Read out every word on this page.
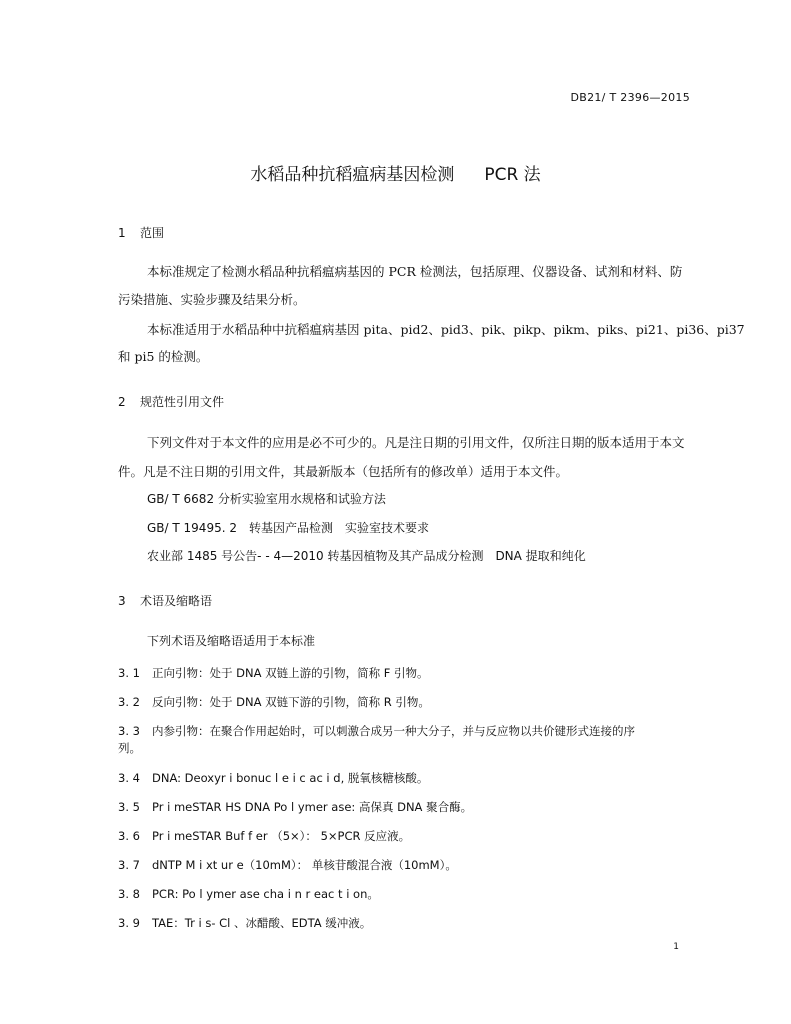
DB21/ T 2396—2015
水稻品种抗稻瘟病基因检测 PCR 法
1 范围
本标准规定了检测水稻品种抗稻瘟病基因的 PCR 检测法，包括原理、仪器设备、试剂和材料、防
污染措施、实验步骤及结果分析。
本标准适用于水稻品种中抗稻瘟病基因 pita、pid2、pid3、pik、pikp、pikm、piks、pi21、pi36、pi37
和 pi5 的检测。
2 规范性引用文件
下列文件对于本文件的应用是必不可少的。凡是注日期的引用文件，仅所注日期的版本适用于本文
件。凡是不注日期的引用文件，其最新版本（包括所有的修改单）适用于本文件。
GB/ T 6682 分析实验室用水规格和试验方法
GB/ T 19495. 2　转基因产品检测　实验室技术要求
农业部 1485 号公告- - 4—2010 转基因植物及其产品成分检测　DNA 提取和纯化
3 术语及缩略语
下列术语及缩略语适用于本标准
3. 1 正向引物：处于 DNA 双链上游的引物，简称 F 引物。
3. 2 反向引物：处于 DNA 双链下游的引物，简称 R 引物。
3. 3 内参引物：在聚合作用起始时，可以刺激合成另一种大分子，并与反应物以共价键形式连接的序
列。
3. 4 DNA: Deoxyr i bonuc l e i c ac i d, 脱氧核糖核酸。
3. 5 Pr i meSTAR HS DNA Po l ymer ase: 高保真 DNA 聚合酶。
3. 6 Pr i meSTAR Buf f er （5×）： 5×PCR 反应液。
3. 7 dNTP M i xt ur e（10mM）： 单核苷酸混合液（10mM）。
3. 8 PCR: Po l ymer ase cha i n r eac t i on。
3. 9 TAE：Tr i s- Cl 、冰醋酸、EDTA 缓冲液。
1
